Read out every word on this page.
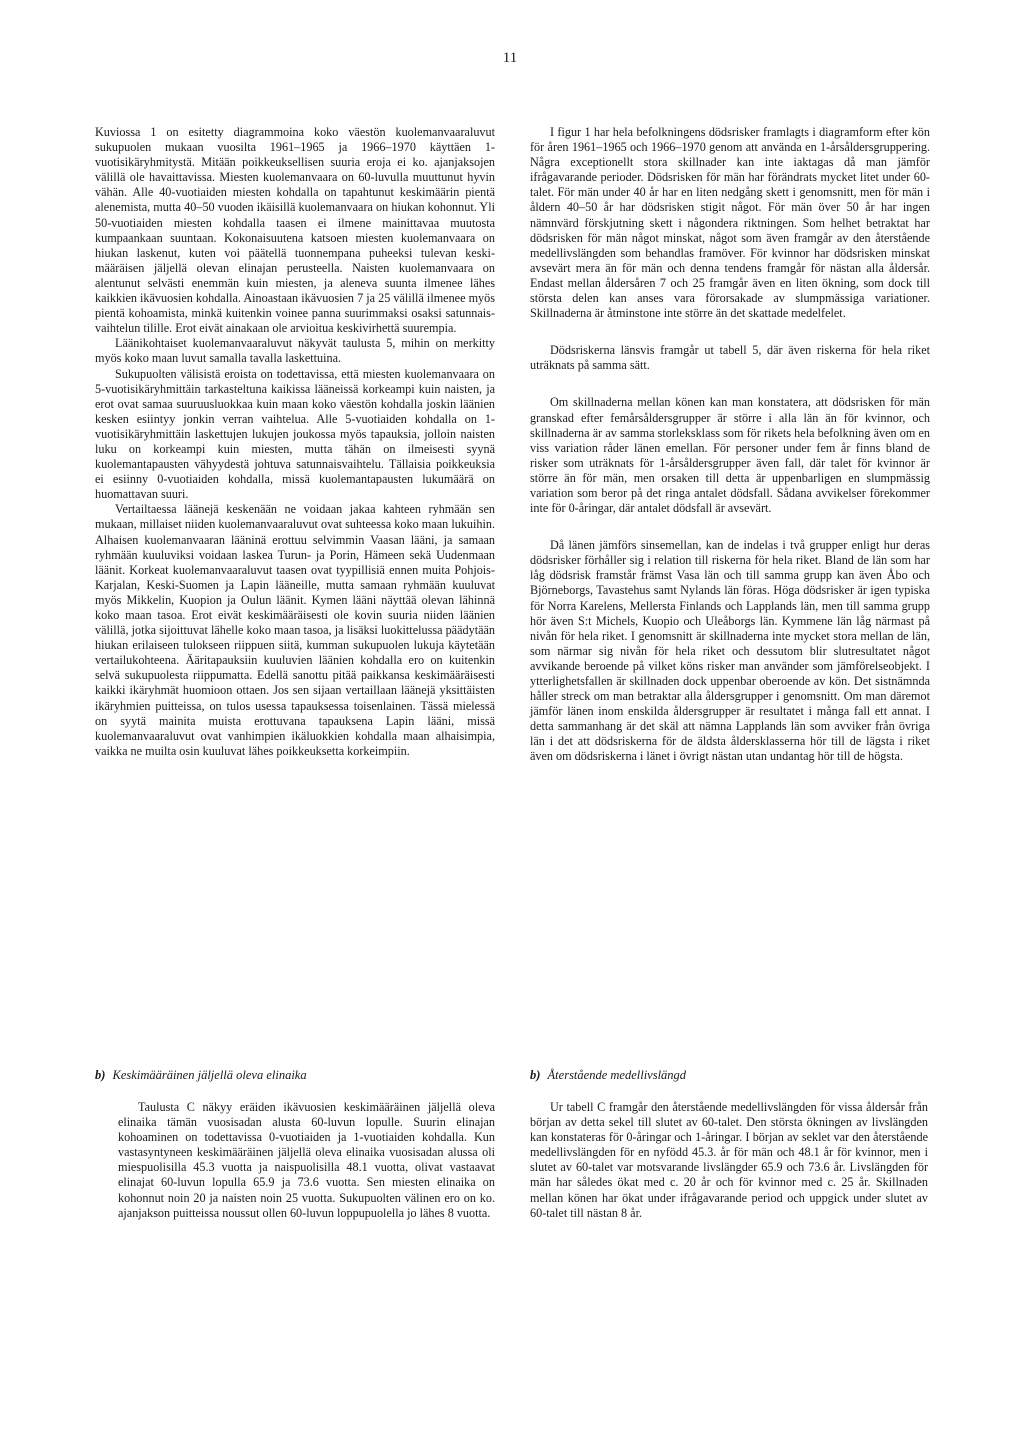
11

Kuviossa 1 on esitetty diagrammoina koko väestön kuolemanvaaraluvut sukupuolen mukaan vuosilta 1961–1965 ja 1966–1970 käyttäen 1-vuotisikäryhmitystä. Mitään poikkeuksellisen suuria eroja ei ko. ajanjaksojen välillä ole havaittavissa. Miesten kuolemanvaara on 60-luvulla muuttunut hyvin vähän. Alle 40-vuotiaiden miesten kohdalla on tapahtunut keskimäärin pientä alenemista, mutta 40–50 vuoden ikäisillä kuolemanvaara on hiukan kohonnut. Yli 50-vuotiaiden miesten kohdalla taasen ei ilmene mainittavaa muutosta kumpaankaan suuntaan. Kokonaisuutena katsoen miesten kuolemanvaara on hiukan laskenut, kuten voi päätellä tuonnempana puheeksi tulevan keskimääräisen jäljellä olevan elinajan perusteella. Naisten kuolemanvaara on alentunut selvästi enemmän kuin miesten, ja aleneva suunta ilmenee lähes kaikkien ikävuosien kohdalla. Ainoastaan ikävuosien 7 ja 25 välillä ilmenee myös pientä kohoamista, minkä kuitenkin voinee panna suurimmaksi osaksi satunnaisvaihtelun tilille. Erot eivät ainakaan ole arvioitua keskivirhettä suurempia.

Läänikohtaiset kuolemanvaaraluvut näkyvät taulusta 5, mihin on merkitty myös koko maan luvut samalla tavalla laskettuina.

Sukupuolten välisistä eroista on todettavissa, että miesten kuolemanvaara on 5-vuotisikäryhmittäin tarkasteltuna kaikissa lääneissä korkeampi kuin naisten, ja erot ovat samaa suuruusluokkaa kuin maan koko väestön kohdalla joskin läänien kesken esiintyy jonkin verran vaihtelua. Alle 5-vuotiaiden kohdalla on 1-vuotisikäryhmittäin laskettujen lukujen joukossa myös tapauksia, jolloin naisten luku on korkeampi kuin miesten, mutta tähän on ilmeisesti syynä kuolemantapausten vähyydestä johtuva satunnaisvaihtelu. Tällaisia poikkeuksia ei esiinny 0-vuotiaiden kohdalla, missä kuolemantapausten lukumäärä on huomattavan suuri.

Vertailtaessa läänejä keskenään ne voidaan jakaa kahteen ryhmään sen mukaan, millaiset niiden kuolemanvaaraluvut ovat suhteessa koko maan lukuihin. Alhaisen kuolemanvaaran lääninä erottuu selvimmin Vaasan lääni, ja samaan ryhmään kuuluviksi voidaan laskea Turun- ja Porin, Hämeen sekä Uudenmaan läänit. Korkeat kuolemanvaaraluvut taasen ovat tyypillisiä ennen muita Pohjois-Karjalan, Keski-Suomen ja Lapin lääneille, mutta samaan ryhmään kuuluvat myös Mikkelin, Kuopion ja Oulun läänit. Kymen lääni näyttää olevan lähinnä koko maan tasoa. Erot eivät keskimääräisesti ole kovin suuria niiden läänien välillä, jotka sijoittuvat lähelle koko maan tasoa, ja lisäksi luokittelussa päädytään hiukan erilaiseen tulokseen riippuen siitä, kumman sukupuolen lukuja käytetään vertailukohteena. Ääritapauksiin kuuluvien läänien kohdalla ero on kuitenkin selvä sukupuolesta riippumatta. Edellä sanottu pitää paikkansa keskimääräisesti kaikki ikäryhmät huomioon ottaen. Jos sen sijaan vertaillaan läänejä yksittäisten ikäryhmien puitteissa, on tulos usessa tapauksessa toisenlainen. Tässä mielessä on syytä mainita muista erottuvana tapauksena Lapin lääni, missä kuolemanvaaraluvut ovat vanhimpien ikäluokkien kohdalla maan alhaisimpia, vaikka ne muilta osin kuuluvat lähes poikkeuksetta korkeimpiin.

I figur 1 har hela befolkningens dödsrisker framlagts i diagramform efter kön för åren 1961–1965 och 1966–1970 genom att använda en 1-årsåldersgruppering. Några exceptionellt stora skillnader kan inte iaktagas då man jämför ifrågavarande perioder. Dödsrisken för män har förändrats mycket litet under 60-talet. För män under 40 år har en liten nedgång skett i genomsnitt, men för män i åldern 40–50 år har dödsrisken stigit något. För män över 50 år har ingen nämnvärd förskjutning skett i någondera riktningen. Som helhet betraktat har dödsrisken för män något minskat, något som även framgår av den återstående medellivslängden som behandlas framöver. För kvinnor har dödsrisken minskat avsevärt mera än för män och denna tendens framgår för nästan alla åldersår. Endast mellan åldersåren 7 och 25 framgår även en liten ökning, som dock till största delen kan anses vara förorsakade av slumpmässiga variationer. Skillnaderna är åtminstone inte större än det skattade medelfelet.

Dödsriskerna länsvis framgår ut tabell 5, där även riskerna för hela riket uträknats på samma sätt.

Om skillnaderna mellan könen kan man konstatera, att dödsrisken för män granskad efter femårsåldersgrupper är större i alla län än för kvinnor, och skillnaderna är av samma storleksklass som för rikets hela befolkning även om en viss variation råder länen emellan. För personer under fem år finns bland de risker som uträknats för 1-årsåldersgrupper även fall, där talet för kvinnor är större än för män, men orsaken till detta är uppenbarligen en slumpmässig variation som beror på det ringa antalet dödsfall. Sådana avvikelser förekommer inte för 0-åringar, där antalet dödsfall är avsevärt.

Då länen jämförs sinsemellan, kan de indelas i två grupper enligt hur deras dödsrisker förhåller sig i relation till riskerna för hela riket. Bland de län som har låg dödsrisk framstår främst Vasa län och till samma grupp kan även Åbo och Björneborgs, Tavastehus samt Nylands län föras. Höga dödsrisker är igen typiska för Norra Karelens, Mellersta Finlands och Lapplands län, men till samma grupp hör även S:t Michels, Kuopio och Uleåborgs län. Kymmene län låg närmast på nivån för hela riket. I genomsnitt är skillnaderna inte mycket stora mellan de län, som närmar sig nivån för hela riket och dessutom blir slutresultatet något avvikande beroende på vilket köns risker man använder som jämförelseobjekt. I ytterlighetsfallen är skillnaden dock uppenbar oberoende av kön. Det sistnämnda håller streck om man betraktar alla åldersgrupper i genomsnitt. Om man däremot jämför länen inom enskilda åldersgrupper är resultatet i många fall ett annat. I detta sammanhang är det skäl att nämna Lapplands län som avviker från övriga län i det att dödsriskerna för de äldsta åldersklasserna hör till de lägsta i riket även om dödsriskerna i länet i övrigt nästan utan undantag hör till de högsta.

b) Keskimääräinen jäljellä oleva elinaika	b) Återstående medellivslängd

Taulusta C näkyy eräiden ikävuosien keskimääräinen jäljellä oleva elinaika tämän vuosisadan alusta 60-luvun lopulle. Suurin elinajan kohoaminen on todettavissa 0-vuotiaiden ja 1-vuotiaiden kohdalla. Kun vastasyntyneen keskimääräinen jäljellä oleva elinaika vuosisadan alussa oli miespuolisilla 45.3 vuotta ja naispuolisilla 48.1 vuotta, olivat vastaavat elinajat 60-luvun lopulla 65.9 ja 73.6 vuotta. Sen miesten elinaika on kohonnut noin 20 ja naisten noin 25 vuotta. Sukupuolten välinen ero on ko. ajanjakson puitteissa noussut ollen 60-luvun loppupuolella jo lähes 8 vuotta.

Ur tabell C framgår den återstående medellivslängden för vissa åldersår från början av detta sekel till slutet av 60-talet. Den största ökningen av livslängden kan konstateras för 0-åringar och 1-åringar. I början av seklet var den återstående medellivslängden för en nyfödd 45.3. år för män och 48.1 år för kvinnor, men i slutet av 60-talet var motsvarande livslängder 65.9 och 73.6 år. Livslängden för män har således ökat med c. 20 år och för kvinnor med c. 25 år. Skillnaden mellan könen har ökat under ifrågavarande period och uppgick under slutet av 60-talet till nästan 8 år.
